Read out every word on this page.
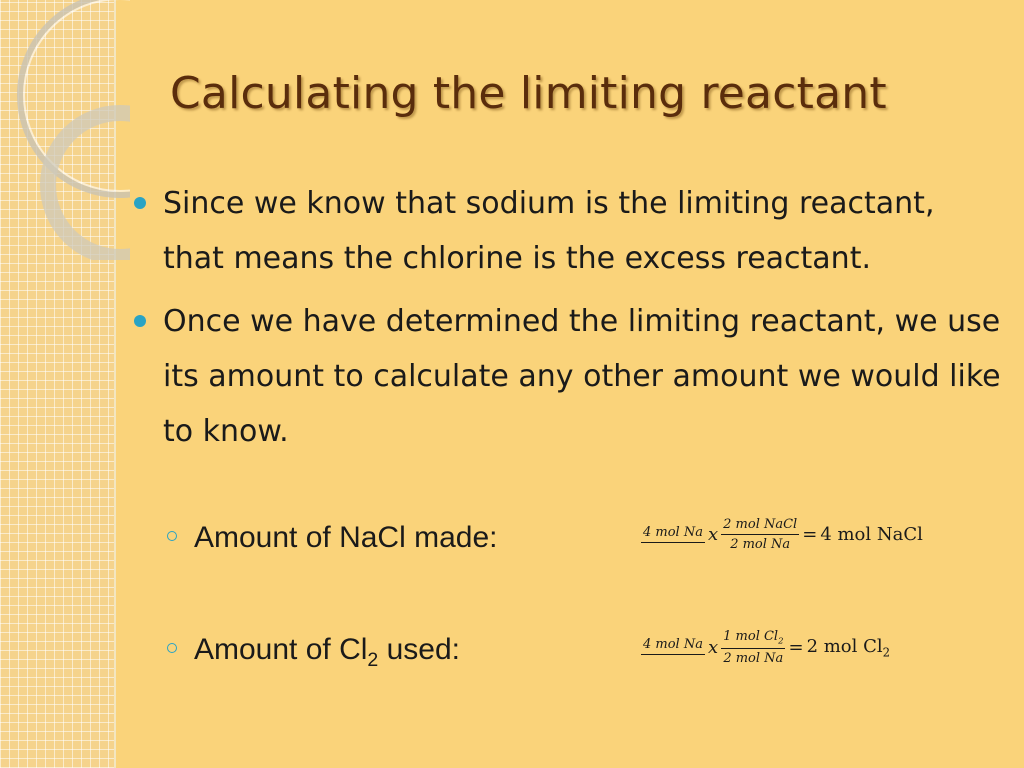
Calculating the limiting reactant
Since we know that sodium is the limiting reactant, that means the chlorine is the excess reactant.
Once we have determined the limiting reactant, we use its amount to calculate any other amount we would like to know.
Amount of NaCl made:	4 mol Na x $\frac{\text{2 mol NaCl}}{\text{2 mol Na}} = 4$ mol NaCl
Amount of $Cl_2$ used:	4 mol Na x $\frac{1 mol Cl_2}{\text{2 mol Na}} = 2$ mol $Cl_2$
